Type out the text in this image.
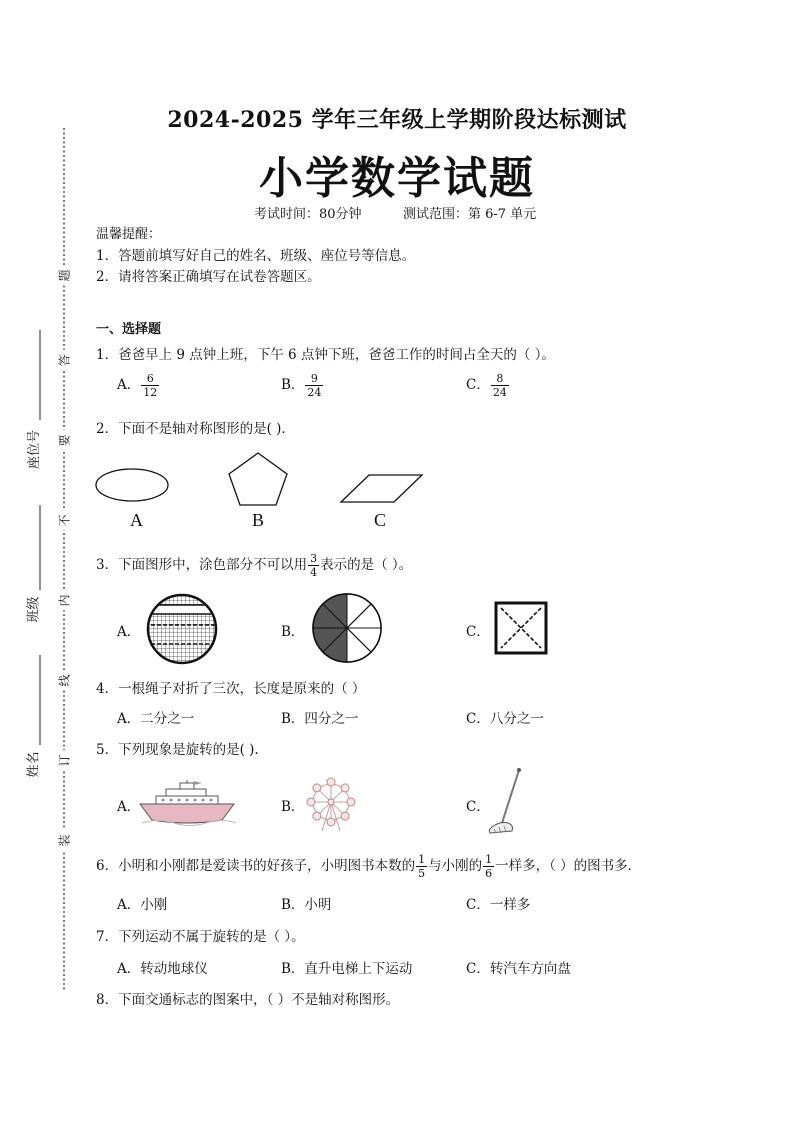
题
答
要
不
内
线
订
装
座位号
班级
姓名
2024-2025 学年三年级上学期阶段达标测试
小学数学试题
考试时间：80分钟	测试范围：第 6-7 单元
温馨提醒：
1．答题前填写好自己的姓名、班级、座位号等信息。
2．请将答案正确填写在试卷答题区。
一、选择题
1．爸爸早上 9 点钟上班，下午 6 点钟下班，爸爸工作的时间占全天的（ ）。
A． $\frac{6}{12}$	B． $\frac{9}{24}$	C． $\frac{8}{24}$
2．下面不是轴对称图形的是( )．
A	B	C
3．下面图形中，涂色部分不可以用 $\frac{3}{4}$ 表示的是（ ）。
A．	B．	C．
4．一根绳子对折了三次，长度是原来的（ ）
A．二分之一	B．四分之一	C．八分之一
5．下列现象是旋转的是( ).
A．	B．	C．
6．小明和小刚都是爱读书的好孩子，小明图书本数的 $\frac{1}{5}$ 与小刚的 $\frac{1}{6}$ 一样多，（ ）的图书多．
A．小刚	B．小明	C．一样多
7．下列运动不属于旋转的是（ ）。
A．转动地球仪	B．直升电梯上下运动	C．转汽车方向盘
8．下面交通标志的图案中，（ ）不是轴对称图形。
